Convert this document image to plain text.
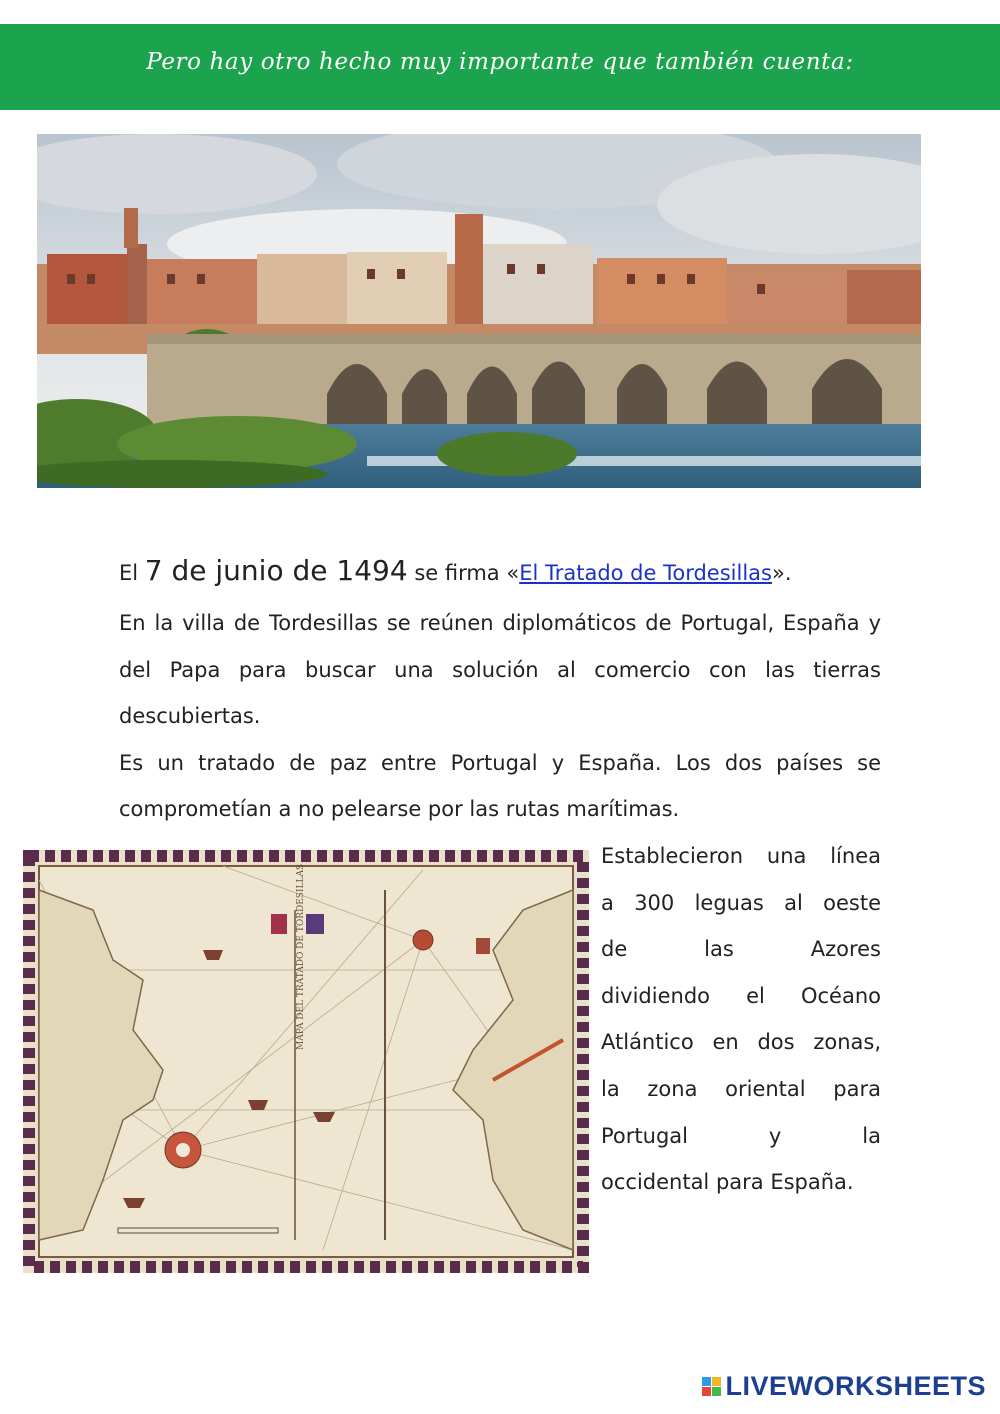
Pero hay otro hecho muy importante que también cuenta:
El 7 de junio de 1494 se firma «El Tratado de Tordesillas».
En la villa de Tordesillas se reúnen diplomáticos de Portugal, España y del Papa para buscar una solución al comercio con las tierras descubiertas.
Es un tratado de paz entre Portugal y España. Los dos países se comprometían a no pelearse por las rutas marítimas.
MAPA DEL TRATADO DE TORDESILLAS
Establecieron una línea
a 300 leguas al oeste
de las Azores
dividiendo el Océano
Atlántico en dos zonas,
la zona oriental para
Portugal y la
occidental para España.
LIVEWORKSHEETS
